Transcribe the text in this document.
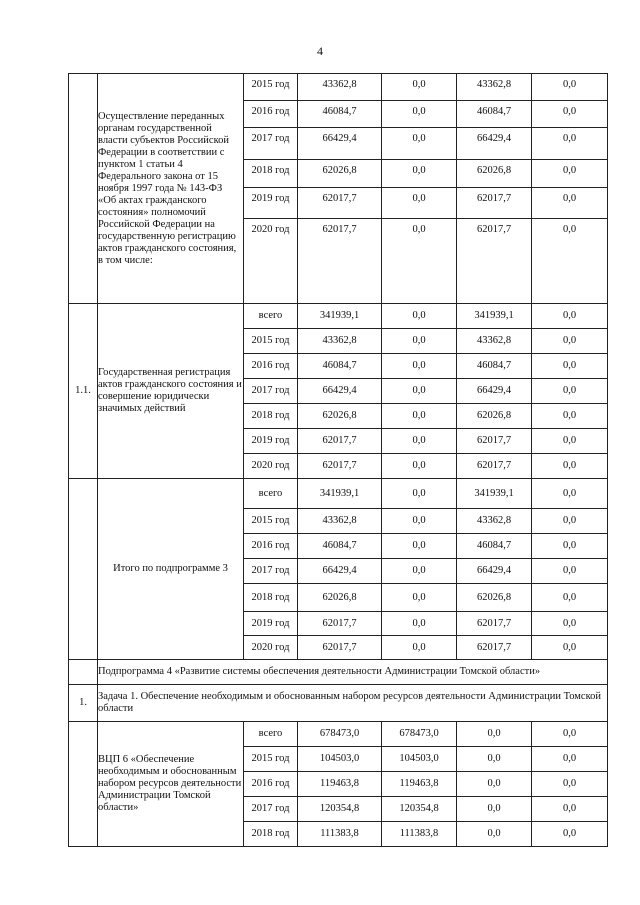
4
	Осуществление переданных органам государственной власти субъектов Российской Федерации в соответствии с пунктом 1 статьи 4 Федерального закона от 15 ноября 1997 года № 143-ФЗ «Об актах гражданского состояния» полномочий Российской Федерации на государственную регистрацию актов гражданского состояния, в том числе:	2015 год	43362,8	0,0	43362,8	0,0
		2016 год	46084,7	0,0	46084,7	0,0
		2017 год	66429,4	0,0	66429,4	0,0
		2018 год	62026,8	0,0	62026,8	0,0
		2019 год	62017,7	0,0	62017,7	0,0
		2020 год	62017,7	0,0	62017,7	0,0
1.1.	Государственная регистрация актов гражданского состояния и совершение юридически значимых действий	всего	341939,1	0,0	341939,1	0,0
		2015 год	43362,8	0,0	43362,8	0,0
		2016 год	46084,7	0,0	46084,7	0,0
		2017 год	66429,4	0,0	66429,4	0,0
		2018 год	62026,8	0,0	62026,8	0,0
		2019 год	62017,7	0,0	62017,7	0,0
		2020 год	62017,7	0,0	62017,7	0,0

	Итого по подпрограмме 3	всего	341939,1	0,0	341939,1	0,0
		2015 год	43362,8	0,0	43362,8	0,0
		2016 год	46084,7	0,0	46084,7	0,0
		2017 год	66429,4	0,0	66429,4	0,0
		2018 год	62026,8	0,0	62026,8	0,0
		2019 год	62017,7	0,0	62017,7	0,0
		2020 год	62017,7	0,0	62017,7	0,0
	Подпрограмма 4 «Развитие системы обеспечения деятельности Администрации Томской области»					
1.	Задача 1. Обеспечение необходимым и обоснованным набором ресурсов деятельности Администрации Томской области					
	ВЦП 6 «Обеспечение необходимым и обоснованным набором ресурсов деятельности Администрации Томской области»	всего	678473,0	678473,0	0,0	0,0
		2015 год	104503,0	104503,0	0,0	0,0
		2016 год	119463,8	119463,8	0,0	0,0
		2017 год	120354,8	120354,8	0,0	0,0
		2018 год	111383,8	111383,8	0,0	0,0
